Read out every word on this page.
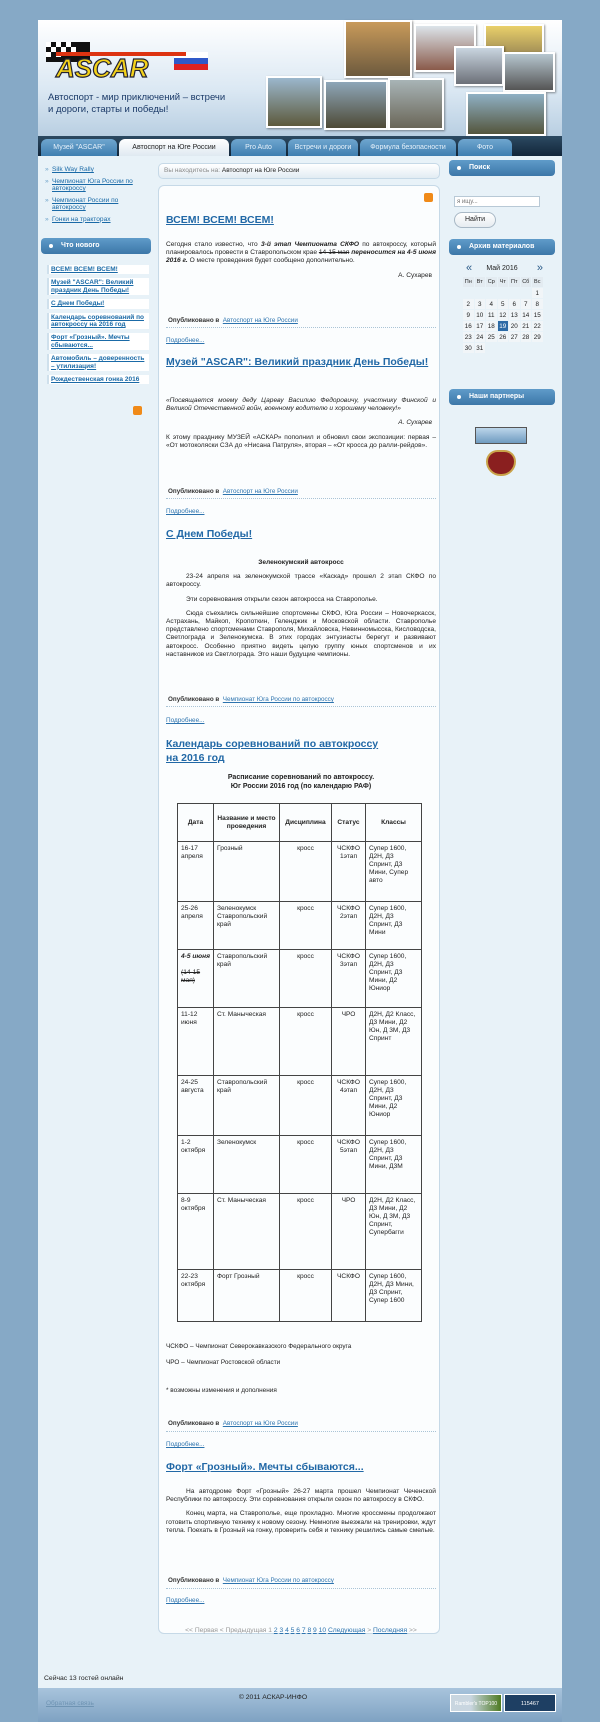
ASCAR
Автоспорт - мир приключений – встречи и дороги, старты и победы!
Музей "ASCAR"	Автоспорт на Юге России	Pro Auto	Встречи и дороги	Формула безопасности	Фото
» Silk Way Rally
» Чемпионат Юга России по автокроссу
» Чемпионат России по автокроссу
» Гонки на тракторах
Что нового
ВСЕМ! ВСЕМ! ВСЕМ!
Музей "ASCAR": Великий праздник День Победы!
С Днем Победы!
Календарь соревнований по автокроссу на 2016 год
Форт «Грозный». Мечты сбываются...
Автомобиль – доверенность – утилизация!
Рождественская гонка 2016
Вы находитесь на: Автоспорт на Юге России
ВСЕМ! ВСЕМ! ВСЕМ!

Сегодня стало известно, что 3-й этап Чемпионата СКФО по автокроссу, который планировалось провести в Ставропольском крае 14-15 мая переносится на 4-5 июня 2016 г. О месте проведения будет сообщено дополнительно.

А. Сухарев

Опубликовано в Автоспорт на Юге России
Подробнее...
Музей "ASCAR": Великий праздник День Победы!

«Посвящается моему деду Цареву Василию Федоровичу, участнику Финской и Великой Отечественной войн, военному водителю и хорошему человеку!»

А. Сухарев

К этому празднику МУЗЕЙ «АСКАР» пополнил и обновил свои экспозиции: первая – «От мотоколяски СЗА до «Нисана Патруля», вторая – «От кросса до ралли-рейдов».

Опубликовано в Автоспорт на Юге России
Подробнее...
С Днем Победы!

Зеленокумский автокросс

23-24 апреля на зеленокумской трассе «Каскад» прошел 2 этап СКФО по автокроссу.

Эти соревнования открыли сезон автокросса на Ставрополье.

Сюда съехались сильнейшие спортсмены СКФО, Юга России – Новочеркасск, Астрахань, Майкоп, Кропоткин, Геленджик и Московской области. Ставрополье представлено спортсменами Ставрополя, Михайловска, Невинномысска, Кисловодска, Светлограда и Зеленокумска. В этих городах энтузиасты берегут и развивают автокросс. Особенно приятно видеть целую группу юных спортсменов и их наставников из Светлограда. Это наши будущие чемпионы.

Опубликовано в Чемпионат Юга России по автокроссу
Подробнее...
Календарь соревнований по автокроссу на 2016 год
Расписание соревнований по автокроссу.
Юг России 2016 год (по календарю РАФ)
Дата	Название и место проведения	Дисциплина	Статус	Классы
16-17 апреля	Грозный	кросс	ЧСКФО 1этап	Супер 1600, Д2Н, Д3 Спринт, Д3 Мини, Супер авто
25-26 апреля	Зеленокумск Ставропольский край	кросс	ЧСКФО 2этап	Супер 1600, Д2Н, Д3 Спринт, Д3 Мини
4-5 июня

(14-15 мая)	Ставропольский край	кросс	ЧСКФО 3этап	Супер 1600, Д2Н, Д3 Спринт, Д3 Мини, Д2 Юниор
11-12 июня	Ст. Маныческая	кросс	ЧРО	Д2Н, Д2 Класс, Д3 Мини, Д2 Юн, Д 3М, Д3 Спринт
24-25 августа	Ставропольский край	кросс	ЧСКФО 4этап	Супер 1600, Д2Н, Д3 Спринт, Д3 Мини, Д2 Юниор
1-2 октября	Зеленокумск	кросс	ЧСКФО 5этап	Супер 1600, Д2Н, Д3 Спринт, Д3 Мини, Д3М
8-9 октября	Ст. Маныческая	кросс	ЧРО	Д2Н, Д2 Класс, Д3 Мини, Д2 Юн, Д 3М, Д3 Спринт, Супербагги
22-23 октября	Форт Грозный	кросс	ЧСКФО	Супер 1600, Д2Н, Д3 Мини, Д3 Спринт, Супер 1600
ЧСКФО – Чемпионат Северокавказского Федерального округа
ЧРО – Чемпионат Ростовской области
* возможны изменения и дополнения
Опубликовано в Автоспорт на Юге России
Подробнее...
Форт «Грозный». Мечты сбываются...

На автодроме Форт «Грозный» 26-27 марта прошел Чемпионат Чеченской Республики по автокроссу. Эти соревнования открыли сезон по автокроссу в СКФО.

Конец марта, на Ставрополье, еще прохладно. Многие кроссмены продолжают готовить спортивную технику к новому сезону. Немногие выезжали на тренировки, ждут тепла. Поехать в Грозный на гонку, проверить себя и технику решились самые смелые.

Опубликовано в Чемпионат Юга России по автокроссу
Подробнее...
<< Первая < Предыдущая 1 2 3 4 5 6 7 8 9 10 Следующая > Последняя >>
Поиск
я ищу...
Найти
Архив материалов
« Май 2016 »
Пн	Вт	Ср	Чт	Пт	Сб	Вс
						1
2	3	4	5	6	7	8
9	10	11	12	13	14	15
16	17	18	19	20	21	22
23	24	25	26	27	28	29
30	31					
Наши партнеры
Сейчас 13 гостей онлайн
Обратная связь
© 2011 АСКАР-ИНФО
Rambler's TOP100	115467
